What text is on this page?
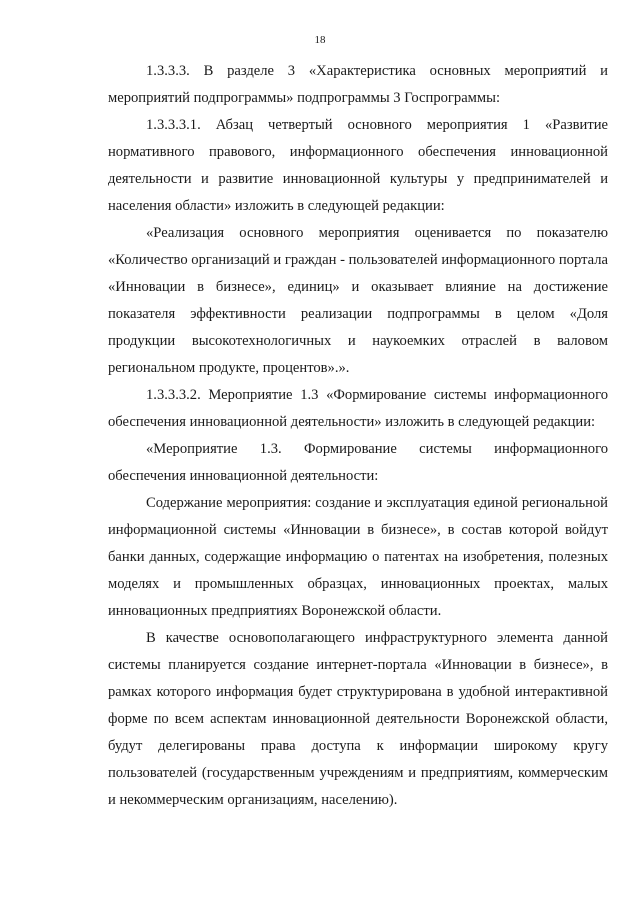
18

1.3.3.3. В разделе 3 «Характеристика основных мероприятий и мероприятий подпрограммы» подпрограммы 3 Госпрограммы:

1.3.3.3.1. Абзац четвертый основного мероприятия 1 «Развитие нормативного правового, информационного обеспечения инновационной деятельности и развитие инновационной культуры у предпринимателей и населения области» изложить в следующей редакции:

«Реализация основного мероприятия оценивается по показателю «Количество организаций и граждан - пользователей информационного портала «Инновации в бизнесе», единиц» и оказывает влияние на достижение показателя эффективности реализации подпрограммы в целом «Доля продукции высокотехнологичных и наукоемких отраслей в валовом региональном продукте, процентов».».

1.3.3.3.2. Мероприятие 1.3 «Формирование системы информационного обеспечения инновационной деятельности» изложить в следующей редакции:

«Мероприятие 1.3. Формирование системы информационного обеспечения инновационной деятельности:

Содержание мероприятия: создание и эксплуатация единой региональной информационной системы «Инновации в бизнесе», в состав которой войдут банки данных, содержащие информацию о патентах на изобретения, полезных моделях и промышленных образцах, инновационных проектах, малых инновационных предприятиях Воронежской области.

В качестве основополагающего инфраструктурного элемента данной системы планируется создание интернет-портала «Инновации в бизнесе», в рамках которого информация будет структурирована в удобной интерактивной форме по всем аспектам инновационной деятельности Воронежской области, будут делегированы права доступа к информации широкому кругу пользователей (государственным учреждениям и предприятиям, коммерческим и некоммерческим организациям, населению).
